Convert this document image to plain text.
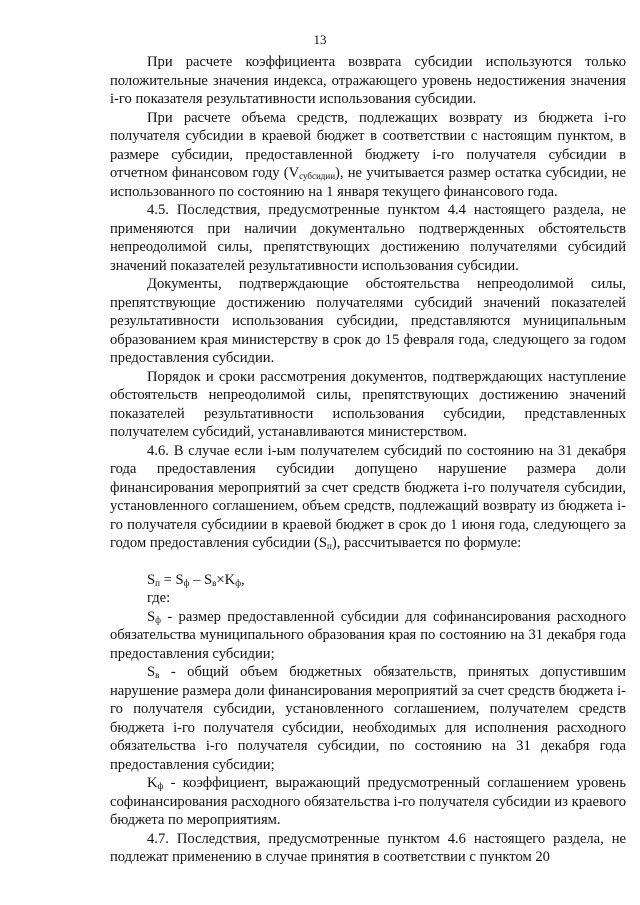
13

При расчете коэффициента возврата субсидии используются только положительные значения индекса, отражающего уровень недостижения значения i-го показателя результативности использования субсидии.

При расчете объема средств, подлежащих возврату из бюджета i-го получателя субсидии в краевой бюджет в соответствии с настоящим пунктом, в размере субсидии, предоставленной бюджету i-го получателя субсидии в отчетном финансовом году $(V_{субсидии})$, не учитывается размер остатка субсидии, не использованного по состоянию на 1 января текущего финансового года.

4.5. Последствия, предусмотренные пунктом 4.4 настоящего раздела, не применяются при наличии документально подтвержденных обстоятельств непреодолимой силы, препятствующих достижению получателями субсидий значений показателей результативности использования субсидии.

Документы, подтверждающие обстоятельства непреодолимой силы, препятствующие достижению получателями субсидий значений показателей результативности использования субсидии, представляются муниципальным образованием края министерству в срок до 15 февраля года, следующего за годом предоставления субсидии.

Порядок и сроки рассмотрения документов, подтверждающих наступление обстоятельств непреодолимой силы, препятствующих достижению значений показателей результативности использования субсидии, представленных получателем субсидий, устанавливаются министерством.

4.6. В случае если i-ым получателем субсидий по состоянию на 31 декабря года предоставления субсидии допущено нарушение размера доли финансирования мероприятий за счет средств бюджета i-го получателя субсидии, установленного соглашением, объем средств, подлежащий возврату из бюджета i-го получателя субсидиии в краевой бюджет в срок до 1 июня года, следующего за годом предоставления субсидии $(S_п)$, рассчитывается по формуле:

$S_п = S_ф - S_в\times K_ф$,

где:

$S_ф$ - размер предоставленной субсидии для софинансирования расходного обязательства муниципального образования края по состоянию на 31 декабря года предоставления субсидии;

$S_в$ - общий объем бюджетных обязательств, принятых допустившим нарушение размера доли финансирования мероприятий за счет средств бюджета i-го получателя субсидии, установленного соглашением, получателем средств бюджета i-го получателя субсидии, необходимых для исполнения расходного обязательства i-го получателя субсидии, по состоянию на 31 декабря года предоставления субсидии;

$K_ф$ - коэффициент, выражающий предусмотренный соглашением уровень софинансирования расходного обязательства i-го получателя субсидии из краевого бюджета по мероприятиям.

4.7. Последствия, предусмотренные пунктом 4.6 настоящего раздела, не подлежат применению в случае принятия в соответствии с пунктом 20
